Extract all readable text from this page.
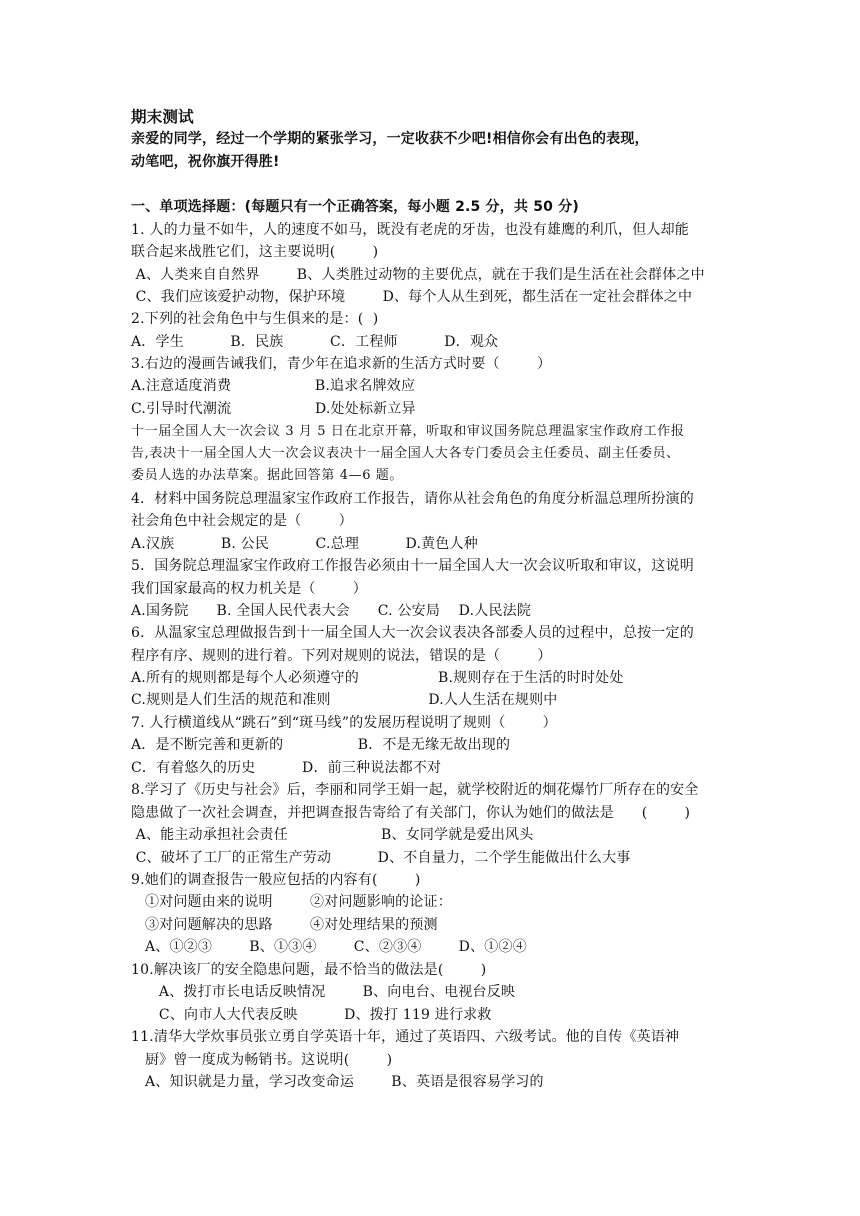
期末测试
亲爱的同学，经过一个学期的紧张学习，一定收获不少吧!相信你会有出色的表现，
动笔吧，祝你旗开得胜!
一、单项选择题：(每题只有一个正确答案，每小题 2.5 分，共 50 分)
1. 人的力量不如牛，人的速度不如马，既没有老虎的牙齿，也没有雄鹰的利爪，但人却能
联合起来战胜它们，这主要说明(        )
A、人类来自自然界        B、人类胜过动物的主要优点，就在于我们是生活在社会群体之中
C、我们应该爱护动物，保护环境        D、每个人从生到死，都生活在一定社会群体之中
2.下列的社会角色中与生俱来的是：(  )
A．学生          B．民族          C．工程师          D．观众
3.右边的漫画告诫我们，青少年在追求新的生活方式时要（        ）
A.注意适度消费                  B.追求名牌效应
C.引导时代潮流                  D.处处标新立异
十一届全国人大一次会议 3 月 5 日在北京开幕，听取和审议国务院总理温家宝作政府工作报
告,表决十一届全国人大一次会议表决十一届全国人大各专门委员会主任委员、副主任委员、
委员人选的办法草案。据此回答第 4—6 题。
4．材料中国务院总理温家宝作政府工作报告，请你从社会角色的角度分析温总理所扮演的
社会角色中社会规定的是（        ）
A.汉族          B. 公民          C.总理          D.黄色人种
5．国务院总理温家宝作政府工作报告必须由十一届全国人大一次会议听取和审议，这说明
我们国家最高的权力机关是（        ）
A.国务院      B. 全国人民代表大会      C. 公安局    D.人民法院
6．从温家宝总理做报告到十一届全国人大一次会议表决各部委人员的过程中，总按一定的
程序有序、规则的进行着。下列对规则的说法，错误的是（        ）
A.所有的规则都是每个人必须遵守的                 B.规则存在于生活的时时处处
C.规则是人们生活的规范和准则                     D.人人生活在规则中
7. 人行横道线从“跳石”到“斑马线”的发展历程说明了规则（        ）
A．是不断完善和更新的                B．不是无缘无故出现的
C．有着悠久的历史          D．前三种说法都不对
8.学习了《历史与社会》后，李丽和同学王娟一起，就学校附近的炯花爆竹厂所存在的安全
隐患做了一次社会调查，并把调查报告寄给了有关部门，你认为她们的做法是      (        )
A、能主动承担社会责任                    B、女同学就是爱出风头
C、破坏了工厂的正常生产劳动          D、不自量力，二个学生能做出什么大事
9.她们的调查报告一般应包括的内容有(        )
①对问题由来的说明        ②对问题影响的论证：
③对问题解决的思路        ④对处理结果的预测
A、①②③        B、①③④        C、②③④        D、①②④
10.解决该厂的安全隐患问题，最不恰当的做法是(        )
A、拨打市长电话反映情况        B、向电台、电视台反映
C、向市人大代表反映          D、拨打 119 进行求救
11.清华大学炊事员张立勇自学英语十年，通过了英语四、六级考试。他的自传《英语神
厨》曾一度成为畅销书。这说明(        )
A、知识就是力量，学习改变命运        B、英语是很容易学习的
